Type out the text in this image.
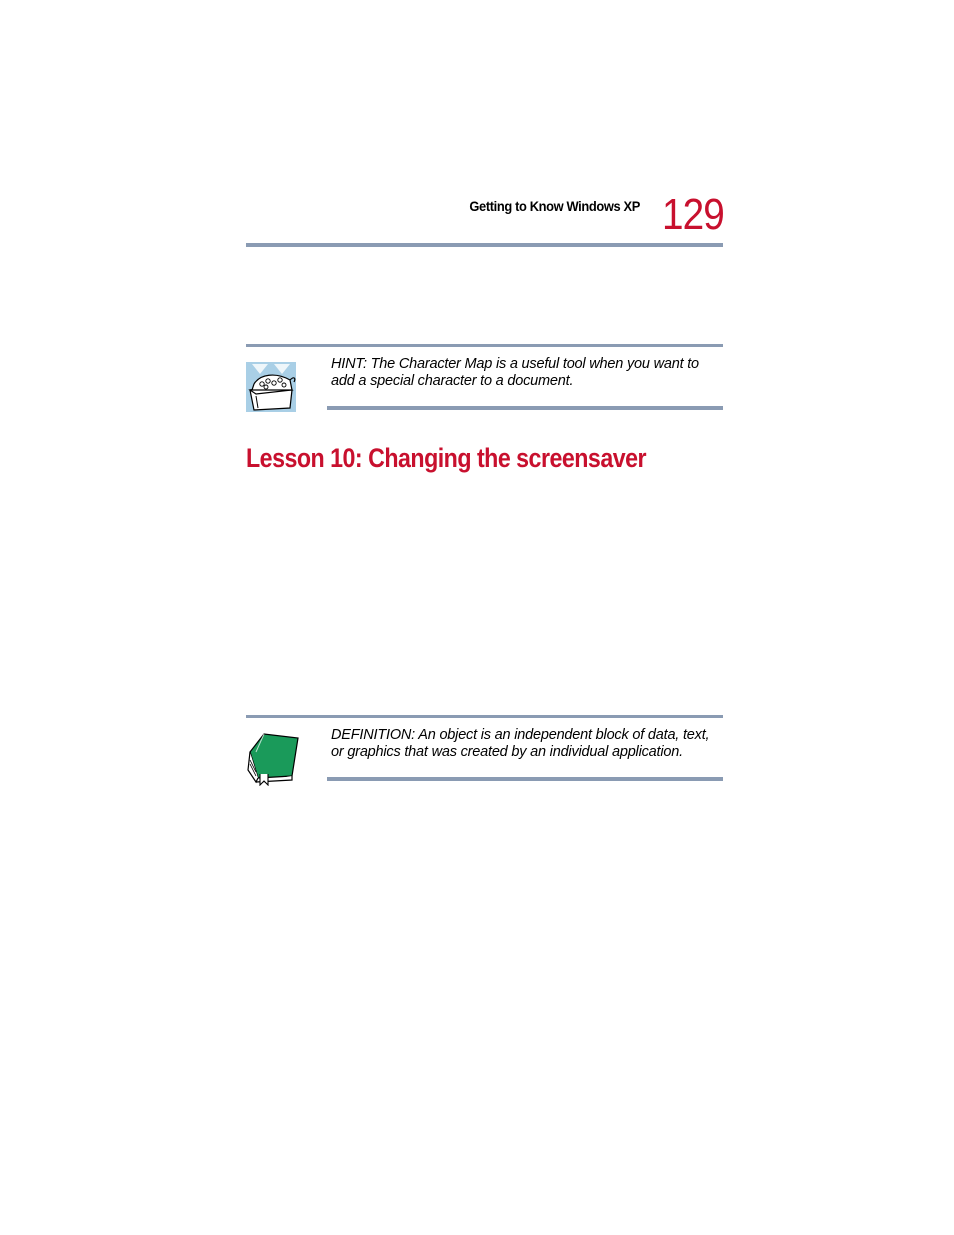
Getting to Know Windows XP 129
HINT: The Character Map is a useful tool when you want to
add a special character to a document.
Lesson 10: Changing the screensaver
DEFINITION: An object is an independent block of data, text,
or graphics that was created by an individual application.
